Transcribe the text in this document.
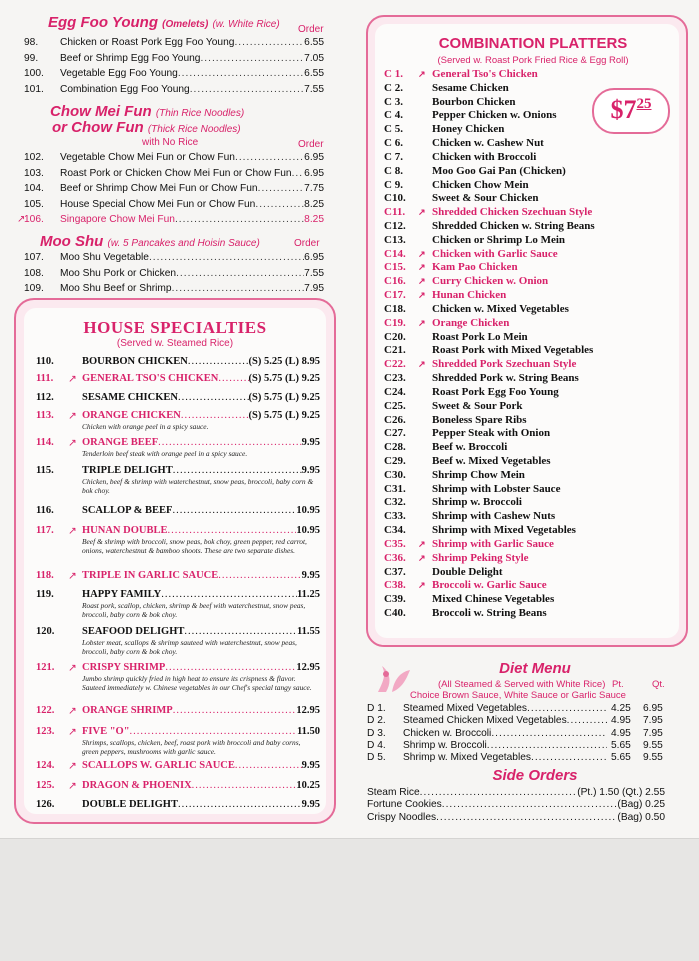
Egg Foo Young (Omelets) (w. White Rice) Order
98.	Chicken or Roast Pork Egg Foo Young .....	6.55
99.	Beef or Shrimp Egg Foo Young .....	7.05
100.	Vegetable Egg Foo Young .....	6.55
101.	Combination Egg Foo Young .....	7.55
Chow Mei Fun (Thin Rice Noodles)
or Chow Fun (Thick Rice Noodles)
with No Rice	Order
102.	Vegetable Chow Mei Fun or Chow Fun .....	6.95
103.	Roast Pork or Chicken Chow Mei Fun or Chow Fun ..... 6.95
104.	Beef or Shrimp Chow Mei Fun or Chow Fun .....	7.75
105.	House Special Chow Mei Fun or Chow Fun .....	8.25
↗
106.	Singapore Chow Mei Fun .....	8.25
Moo Shu (w. 5 Pancakes and Hoisin Sauce)	Order
107.	Moo Shu Vegetable .....	6.95
108.	Moo Shu Pork or Chicken .....	7.55
109.	Moo Shu Beef or Shrimp .....	7.95
HOUSE SPECIALTIES
(Served w. Steamed Rice)
110.	BOURBON CHICKEN .....	(S) 5.25 (L) 8.95
↗
111.	GENERAL TSO'S CHICKEN .....	(S) 5.75 (L) 9.25
112.	SESAME CHICKEN .....	(S) 5.75 (L) 9.25
↗
113.	ORANGE CHICKEN .....	(S) 5.75 (L) 9.25
Chicken with orange peel in a spicy sauce.
↗
114.	ORANGE BEEF .....	9.95
Tenderloin beef steak with orange peel in a spicy sauce.
115.	TRIPLE DELIGHT .....	9.95
Chicken, beef & shrimp with waterchestnut, snow peas, broccoli, baby corn & bok choy.
116.	SCALLOP & BEEF .....	10.95
↗
117.	HUNAN DOUBLE .....	10.95
Beef & shrimp with broccoli, snow peas, bok choy, green pepper, red carrot, onions, waterchestnut & bamboo shoots. These are two separate dishes.
↗
118.	TRIPLE IN GARLIC SAUCE .....	9.95
119.	HAPPY FAMILY .....	11.25
Roast pork, scallop, chicken, shrimp & beef with waterchestnut, snow peas, broccoli, baby corn & bok choy.
120.	SEAFOOD DELIGHT .....	11.55
Lobster meat, scallops & shrimp sauteed with waterchestnut, snow peas, broccoli, baby corn & bok choy.
↗
121.	CRISPY SHRIMP .....	12.95
Jumbo shrimp quickly fried in high heat to ensure its crispness & flavor. Sauteed immediately w. Chinese vegetables in our Chef's special tangy sauce.
↗
122.	ORANGE SHRIMP .....	12.95
↗
123.	FIVE "O" .....	11.50
Shrimps, scallops, chicken, beef, roast pork with broccoli and baby corns, green peppers, mushrooms with garlic sauce.
↗
124.	SCALLOPS W. GARLIC SAUCE .....	9.95
↗
125.	DRAGON & PHOENIX .....	10.25
126.	DOUBLE DELIGHT .....	9.95
COMBINATION PLATTERS
(Served w. Roast Pork Fried Rice & Egg Roll)
$\$7^{25}$
C 1.	↗ General Tso's Chicken
C 2.	Sesame Chicken
C 3.	Bourbon Chicken
C 4.	Pepper Chicken w. Onions
C 5.	Honey Chicken
C 6.	Chicken w. Cashew Nut
C 7.	Chicken with Broccoli
C 8.	Moo Goo Gai Pan (Chicken)
C 9.	Chicken Chow Mein
C10.	Sweet & Sour Chicken
C11.	↗ Shredded Chicken Szechuan Style
C12.	Shredded Chicken w. String Beans
C13.	Chicken or Shrimp Lo Mein
C14.	↗ Chicken with Garlic Sauce
C15.	↗ Kam Pao Chicken
C16.	↗ Curry Chicken w. Onion
C17.	↗ Hunan Chicken
C18.	Chicken w. Mixed Vegetables
C19.	↗ Orange Chicken
C20.	Roast Pork Lo Mein
C21.	Roast Pork with Mixed Vegetables
C22.	↗ Shredded Pork Szechuan Style
C23.	Shredded Pork w. String Beans
C24.	Roast Pork Egg Foo Young
C25.	Sweet & Sour Pork
C26.	Boneless Spare Ribs
C27.	Pepper Steak with Onion
C28.	Beef w. Broccoli
C29.	Beef w. Mixed Vegetables
C30.	Shrimp Chow Mein
C31.	Shrimp with Lobster Sauce
C32.	Shrimp w. Broccoli
C33.	Shrimp with Cashew Nuts
C34.	Shrimp with Mixed Vegetables
C35.	↗ Shrimp with Garlic Sauce
C36.	↗ Shrimp Peking Style
C37.	Double Delight
C38.	↗ Broccoli w. Garlic Sauce
C39.	Mixed Chinese Vegetables
C40.	Broccoli w. String Beans
Diet Menu
(All Steamed & Served with White Rice) Pt.	Qt.
Choice Brown Sauce, White Sauce or Garlic Sauce
D 1. Steamed Mixed Vegetables .....	4.25 6.95
D 2. Steamed Chicken Mixed Vegetables .....	4.95 7.95
D 3. Chicken w. Broccoli .....	4.95 7.95
D 4. Shrimp w. Broccoli .....	5.65 9.55
D 5. Shrimp w. Mixed Vegetables .....	5.65 9.55
Side Orders
Steam Rice .....	(Pt.) 1.50 (Qt.) 2.55
Fortune Cookies .....	(Bag) 0.25
Crispy Noodles .....	(Bag) 0.50
